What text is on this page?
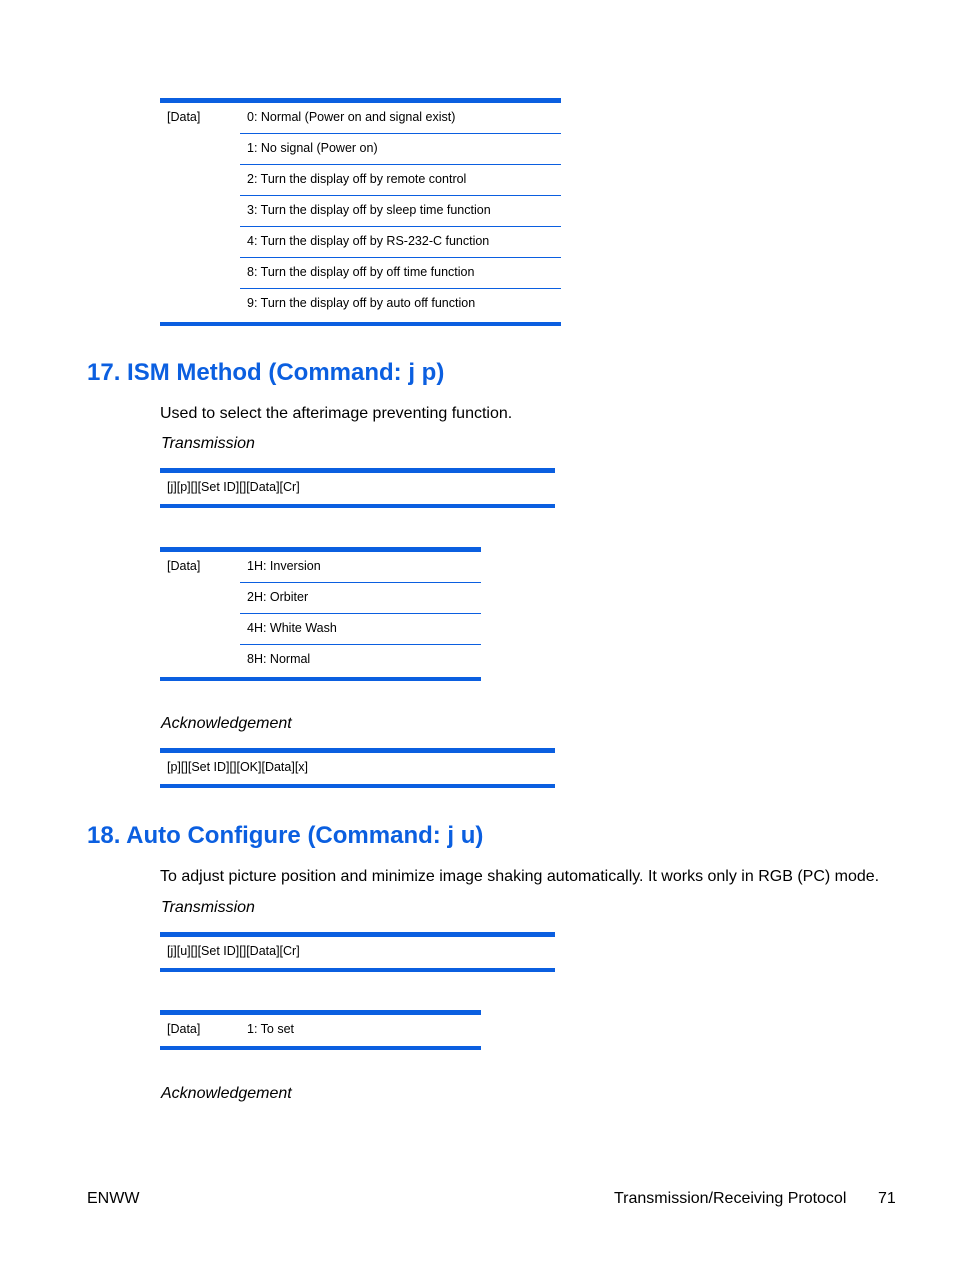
[Data]	0: Normal (Power on and signal exist)
1: No signal (Power on)
2: Turn the display off by remote control
3: Turn the display off by sleep time function
4: Turn the display off by RS-232-C function
8: Turn the display off by off time function
9: Turn the display off by auto off function
17. ISM Method (Command: j p)
Used to select the afterimage preventing function.
Transmission
[j][p][][Set ID][][Data][Cr]
[Data]	1H: Inversion
2H: Orbiter
4H: White Wash
8H: Normal
Acknowledgement
[p][][Set ID][][OK][Data][x]
18. Auto Configure (Command: j u)
To adjust picture position and minimize image shaking automatically. It works only in RGB (PC) mode.
Transmission
[j][u][][Set ID][][Data][Cr]
[Data]	1: To set
Acknowledgement
ENWW	Transmission/Receiving Protocol 71
